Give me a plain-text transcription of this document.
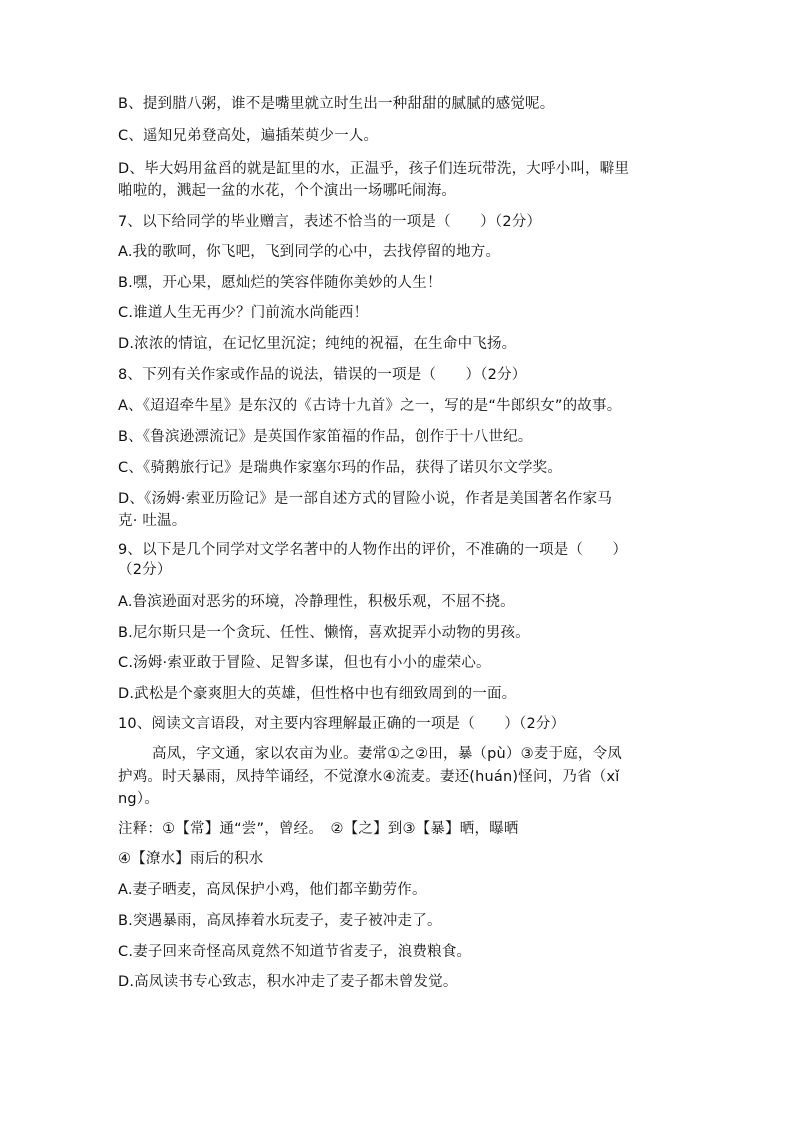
B、提到腊八粥，谁不是嘴里就立时生出一种甜甜的腻腻的感觉呢。
C、遥知兄弟登高处，遍插茱萸少一人。
D、毕大妈用盆舀的就是缸里的水，正温乎，孩子们连玩带洗，大呼小叫，噼里
啪啦的，溅起一盆的水花，个个演出一场哪吒闹海。
7、以下给同学的毕业赠言，表述不恰当的一项是（　　）（2分）
A.我的歌呵，你飞吧，飞到同学的心中，去找停留的地方。
B.嘿，开心果，愿灿烂的笑容伴随你美妙的人生！
C.谁道人生无再少？门前流水尚能西！
D.浓浓的情谊，在记忆里沉淀；纯纯的祝福，在生命中飞扬。
8、下列有关作家或作品的说法，错误的一项是（　　）（2分）
A、《迢迢牵牛星》是东汉的《古诗十九首》之一，写的是“牛郎织女”的故事。
B、《鲁滨逊漂流记》是英国作家笛福的作品，创作于十八世纪。
C、《骑鹅旅行记》是瑞典作家塞尔玛的作品，获得了诺贝尔文学奖。
D、《汤姆·索亚历险记》是一部自述方式的冒险小说，作者是美国著名作家马
克· 吐温。
9、以下是几个同学对文学名著中的人物作出的评价，不准确的一项是（　　）
（2分）
A.鲁滨逊面对恶劣的环境，冷静理性，积极乐观，不屈不挠。
B.尼尔斯只是一个贪玩、任性、懒惰，喜欢捉弄小动物的男孩。
C.汤姆·索亚敢于冒险、足智多谋，但也有小小的虚荣心。
D.武松是个豪爽胆大的英雄，但性格中也有细致周到的一面。
10、阅读文言语段，对主要内容理解最正确的一项是（　　）（2分）
高凤，字文通，家以农亩为业。妻常①之②田，暴（pù）③麦于庭，令凤
护鸡。时天暴雨，凤持竿诵经，不觉潦水④流麦。妻还(huán)怪问，乃省（xǐ
ng）。
注释：①【常】通“尝”，曾经。　②【之】到③【暴】晒，曝晒
④【潦水】雨后的积水
A.妻子晒麦，高凤保护小鸡，他们都辛勤劳作。
B.突遇暴雨，高凤捧着水玩麦子，麦子被冲走了。
C.妻子回来奇怪高凤竟然不知道节省麦子，浪费粮食。
D.高凤读书专心致志，积水冲走了麦子都未曾发觉。
